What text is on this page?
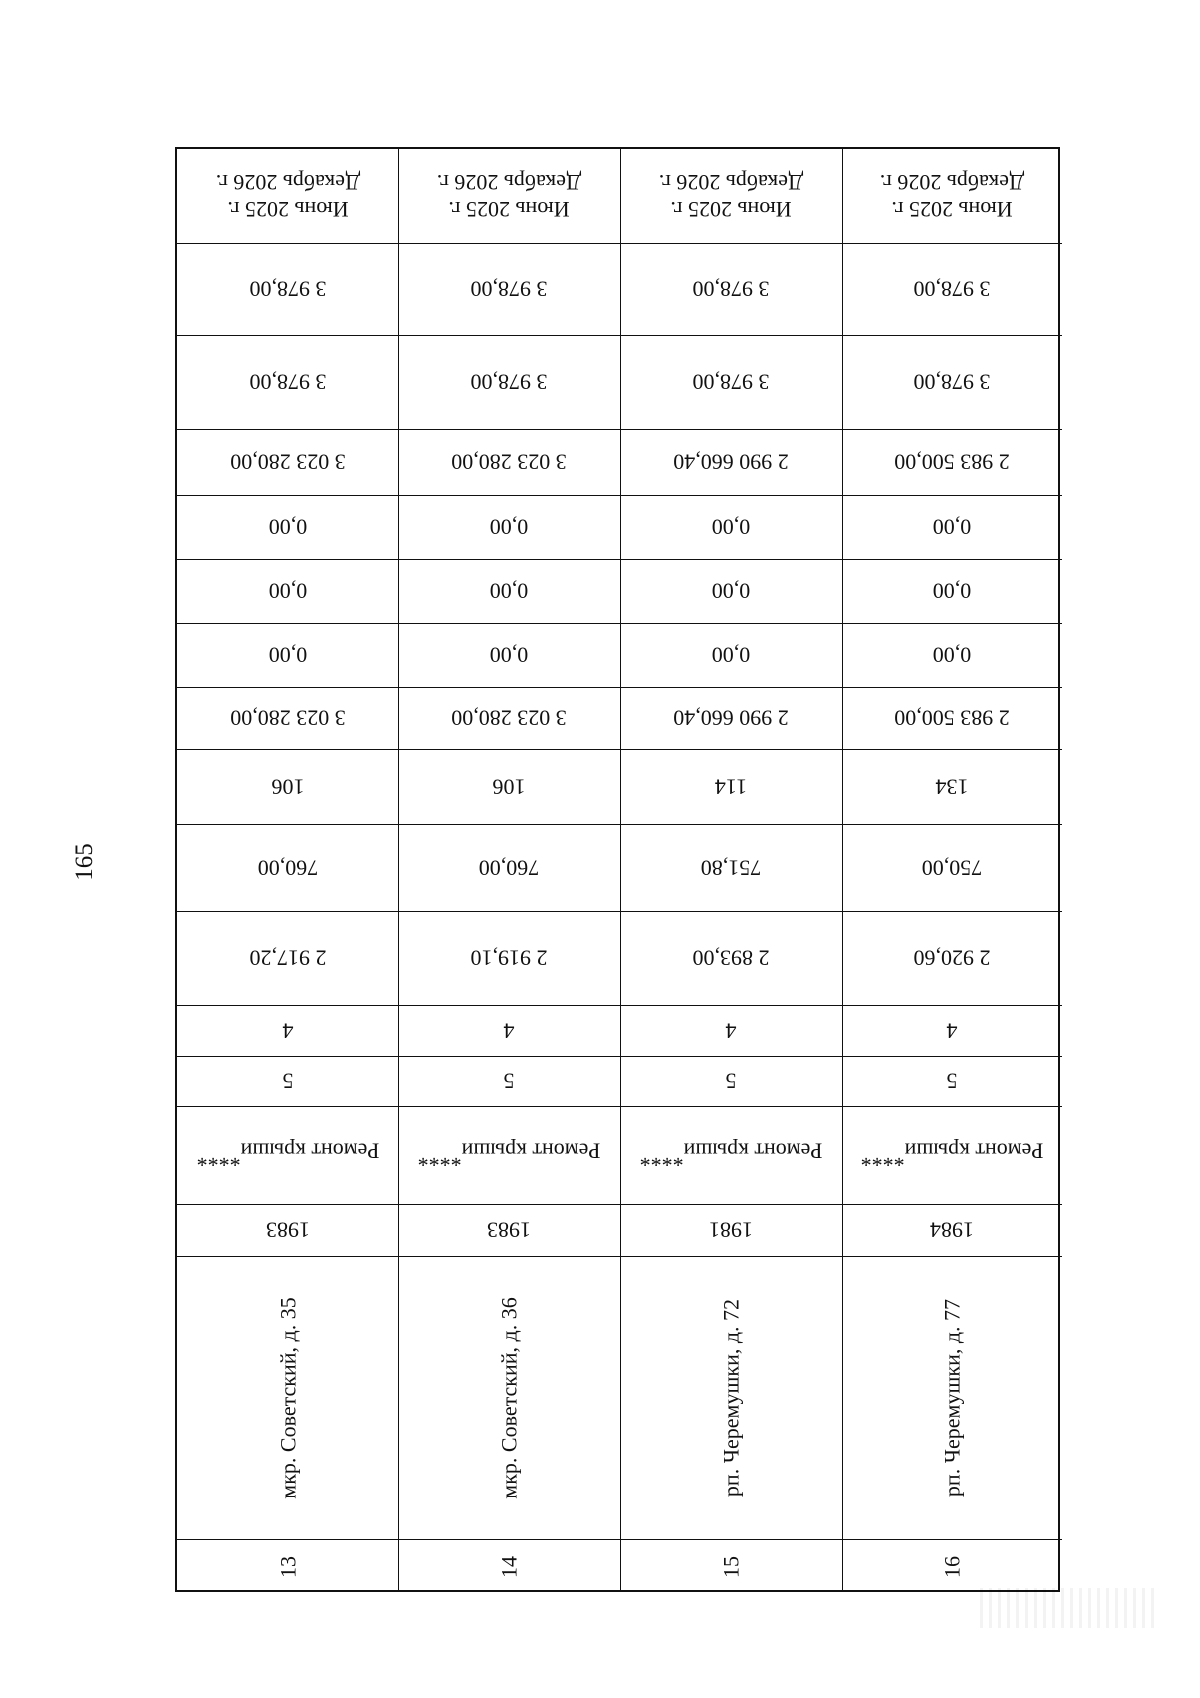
165
Июнь 2025 г.
Декабрь 2026 г.
3 978,00
3 978,00
3 023 280,00
0,00
0,00
0,00
3 023 280,00
106
760,00
2 917,20
4
5
Ремонт крыши****
1983
мкр. Советский, д. 35
13
Июнь 2025 г.
Декабрь 2026 г.
3 978,00
3 978,00
3 023 280,00
0,00
0,00
0,00
3 023 280,00
106
760,00
2 919,10
4
5
Ремонт крыши****
1983
мкр. Советский, д. 36
14
Июнь 2025 г.
Декабрь 2026 г.
3 978,00
3 978,00
2 990 660,40
0,00
0,00
0,00
2 990 660,40
114
751,80
2 893,00
4
5
Ремонт крыши****
1981
рп. Черемушки, д. 72
15
Июнь 2025 г.
Декабрь 2026 г.
3 978,00
3 978,00
2 983 500,00
0,00
0,00
0,00
2 983 500,00
134
750,00
2 920,60
4
5
Ремонт крыши****
1984
рп. Черемушки, д. 77
16
